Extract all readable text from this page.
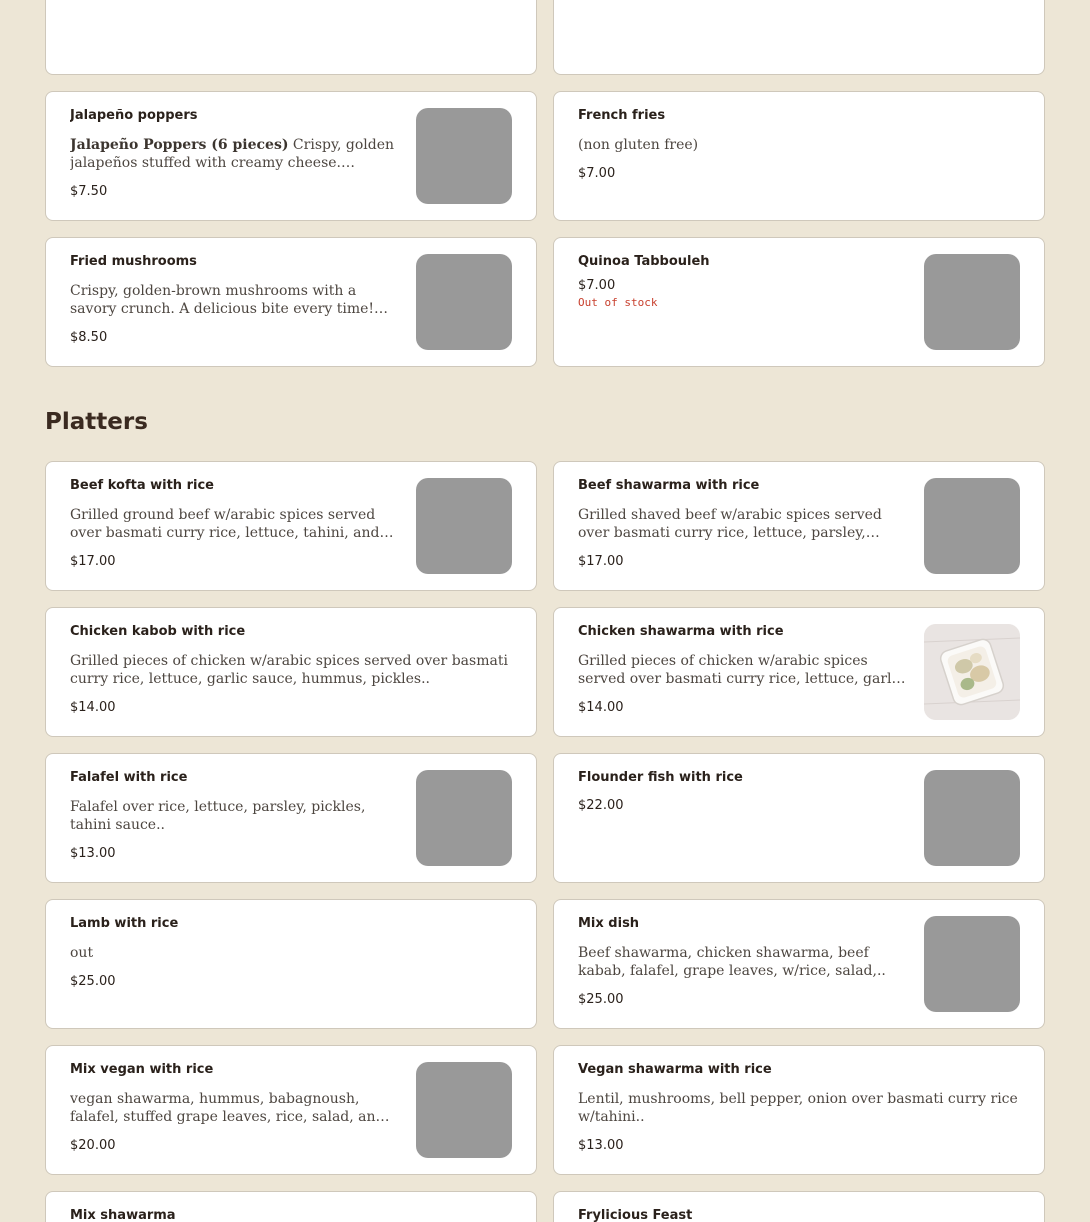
Jalapeño poppers
Jalapeño Poppers (6 pieces) Crispy, golden jalapeños stuffed with creamy cheese.
$7.50
French fries
(non gluten free)
$7.00
Fried mushrooms
Crispy, golden-brown mushrooms with a savory crunch. A delicious bite every time!
$8.50
Quinoa Tabbouleh
$7.00
Out of stock
Platters
Beef kofta with rice
Grilled ground beef w/arabic spices served over basmati curry rice, lettuce, tahini, and
$17.00
Beef shawarma with rice
Grilled shaved beef w/arabic spices served over basmati curry rice, lettuce, parsley,
$17.00
Chicken kabob with rice
Grilled pieces of chicken w/arabic spices served over basmati curry rice, lettuce, garlic sauce, hummus, pickles..
$14.00
Chicken shawarma with rice
Grilled pieces of chicken w/arabic spices served over basmati curry rice, lettuce, garlic
$14.00
Falafel with rice
Falafel over rice, lettuce, parsley, pickles, tahini sauce..
$13.00
Flounder fish with rice
$22.00
Lamb with rice
out
$25.00
Mix dish
Beef shawarma, chicken shawarma, beef kabab, falafel, grape leaves, w/rice, salad,..
$25.00
Mix vegan with rice
vegan shawarma, hummus, babagnoush, falafel, stuffed grape leaves, rice, salad, and
$20.00
Vegan shawarma with rice
Lentil, mushrooms, bell pepper, onion over basmati curry rice w/tahini..
$13.00
Mix shawarma	Frylicious Feast
